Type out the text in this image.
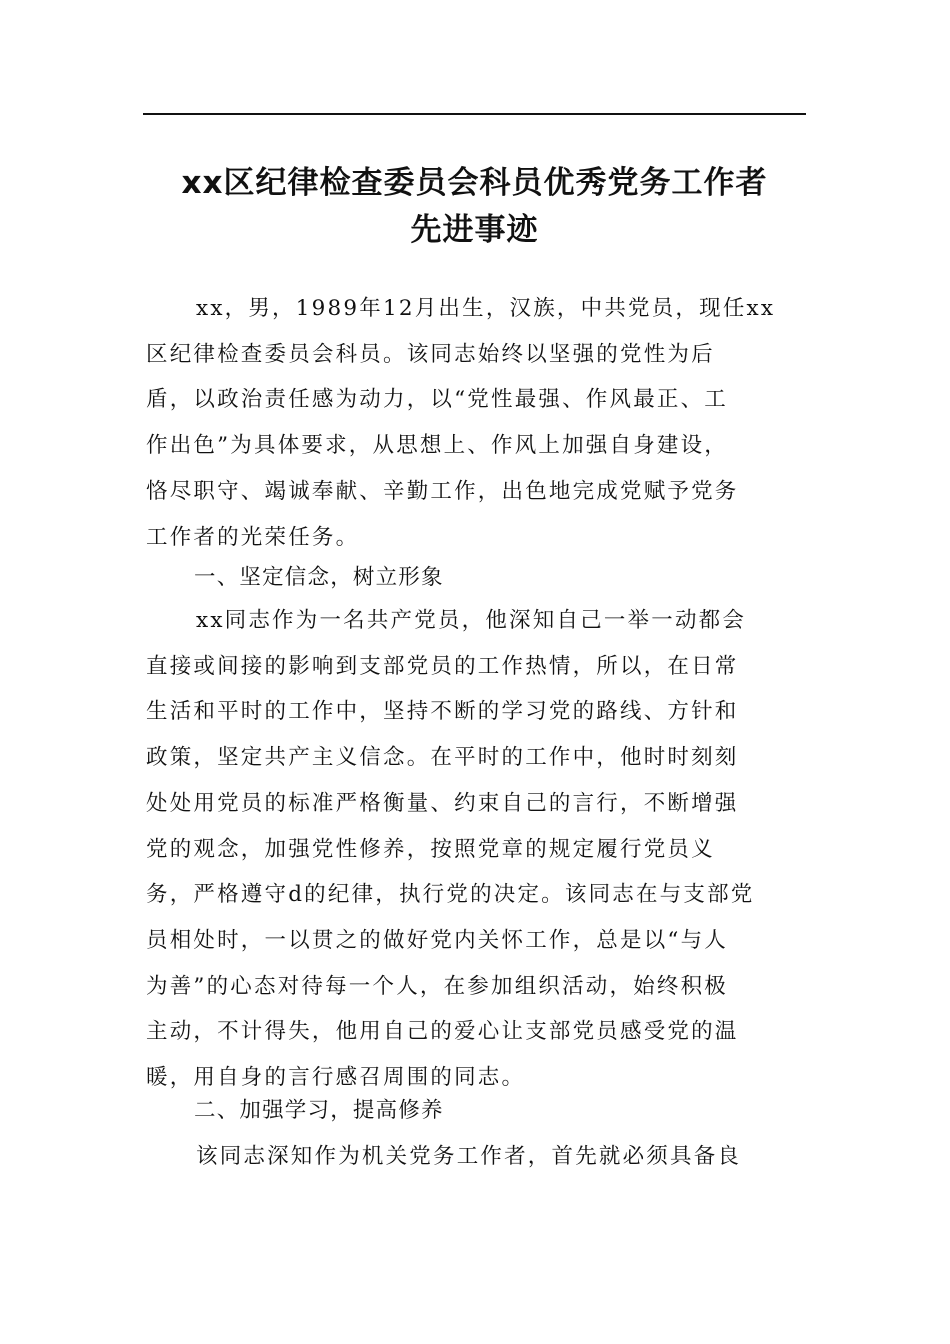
xx区纪律检查委员会科员优秀党务工作者
先进事迹
xx，男，1989年12月出生，汉族，中共党员，现任xx
区纪律检查委员会科员。该同志始终以坚强的党性为后
盾，以政治责任感为动力，以“党性最强、作风最正、工
作出色”为具体要求，从思想上、作风上加强自身建设，
恪尽职守、竭诚奉献、辛勤工作，出色地完成党赋予党务
工作者的光荣任务。
一、坚定信念，树立形象
xx同志作为一名共产党员，他深知自己一举一动都会
直接或间接的影响到支部党员的工作热情，所以，在日常
生活和平时的工作中，坚持不断的学习党的路线、方针和
政策，坚定共产主义信念。在平时的工作中，他时时刻刻
处处用党员的标准严格衡量、约束自己的言行，不断增强
党的观念，加强党性修养，按照党章的规定履行党员义
务，严格遵守d的纪律，执行党的决定。该同志在与支部党
员相处时，一以贯之的做好党内关怀工作，总是以“与人
为善”的心态对待每一个人，在参加组织活动，始终积极
主动，不计得失，他用自己的爱心让支部党员感受党的温
暖，用自身的言行感召周围的同志。
二、加强学习，提高修养
该同志深知作为机关党务工作者，首先就必须具备良
